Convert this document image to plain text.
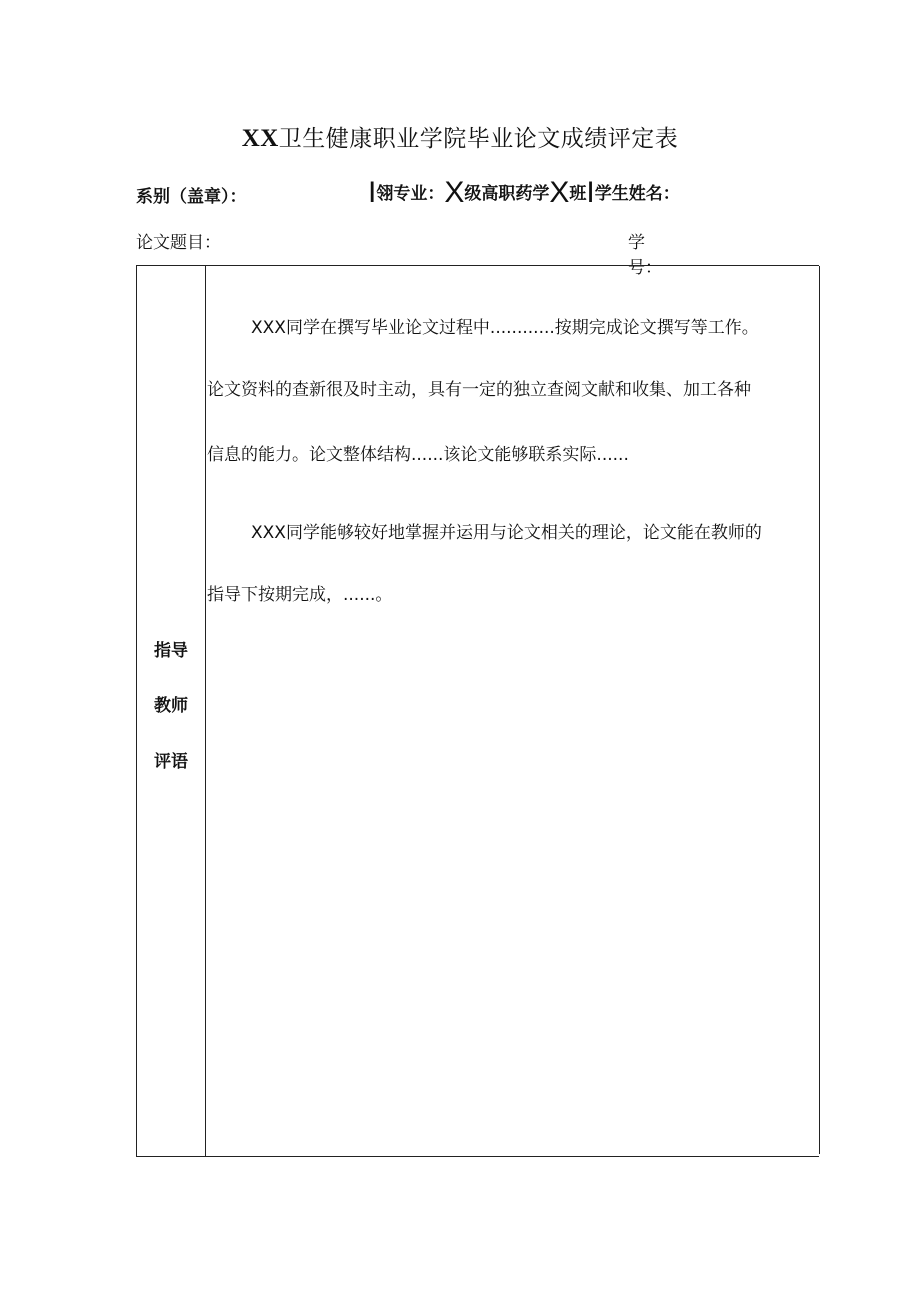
XX卫生健康职业学院毕业论文成绩评定表
系别（盖章）：	I翎专业：X级高职药学X班I学生姓名：
论文题目：	学号：
指导
教师
评语
XXX同学在撰写毕业论文过程中............按期完成论文撰写等工作。
论文资料的查新很及时主动，具有一定的独立查阅文献和收集、加工各种
信息的能力。论文整体结构......该论文能够联系实际......
XXX同学能够较好地掌握并运用与论文相关的理论，论文能在教师的
指导下按期完成，......。
